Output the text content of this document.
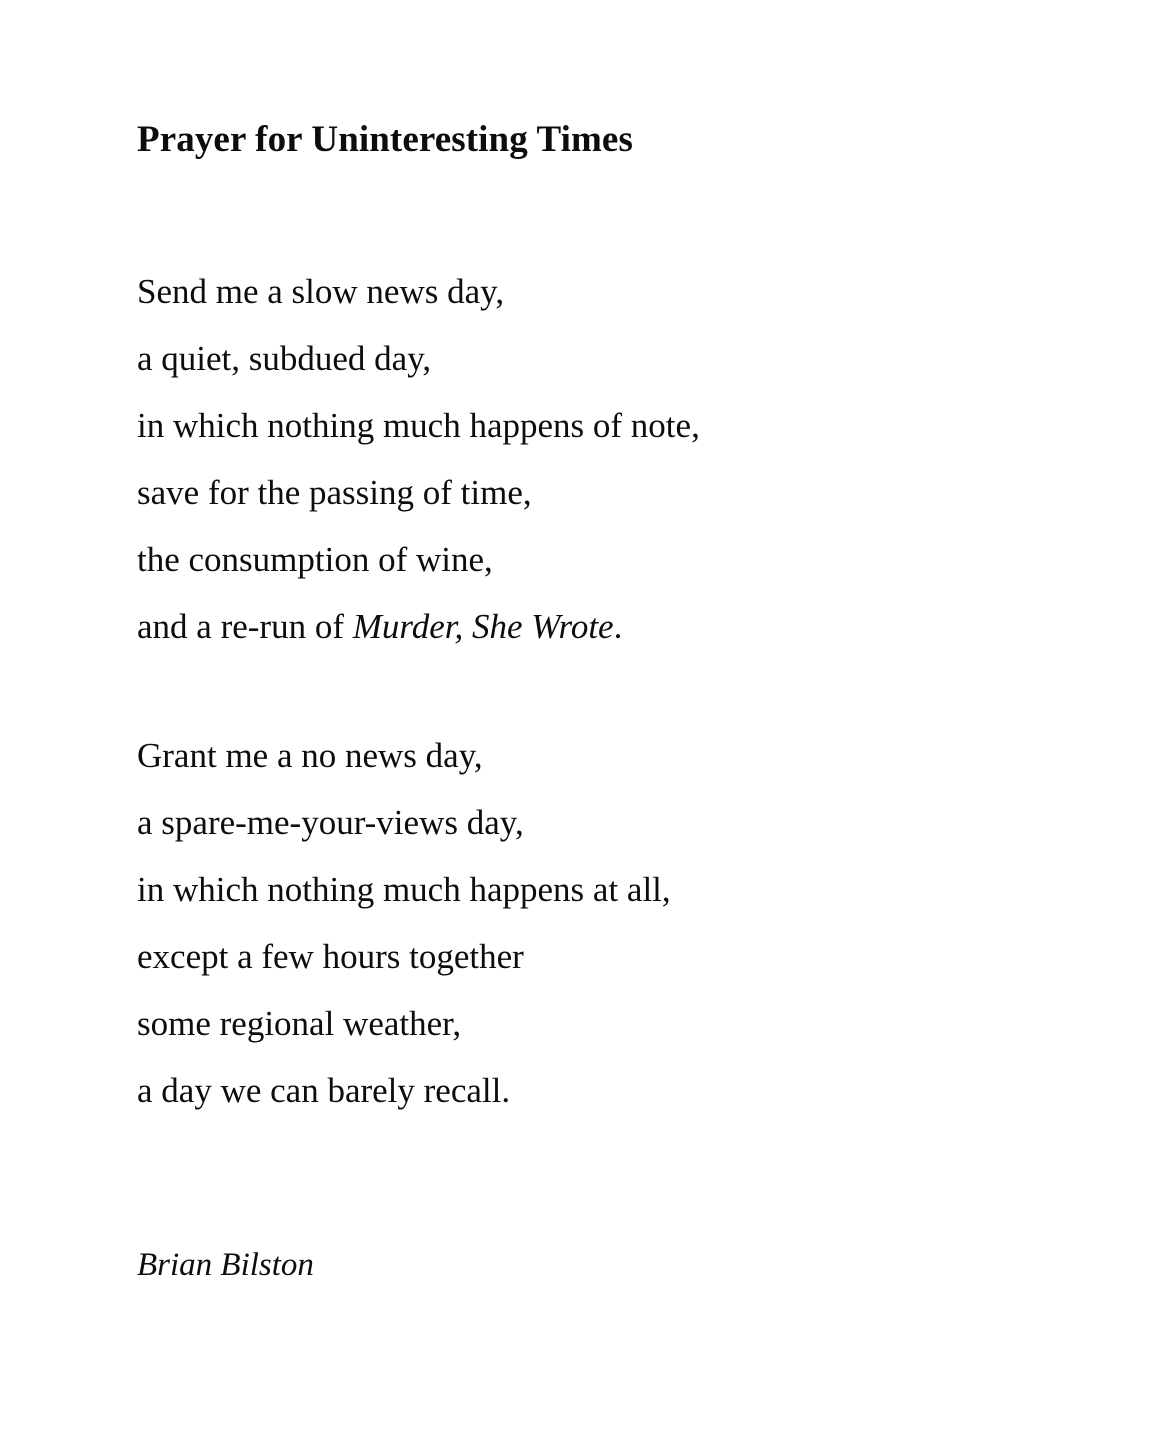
Prayer for Uninteresting Times
Send me a slow news day,
a quiet, subdued day,
in which nothing much happens of note,
save for the passing of time,
the consumption of wine,
and a re-run of Murder, She Wrote.
Grant me a no news day,
a spare-me-your-views day,
in which nothing much happens at all,
except a few hours together
some regional weather,
a day we can barely recall.
Brian Bilston
